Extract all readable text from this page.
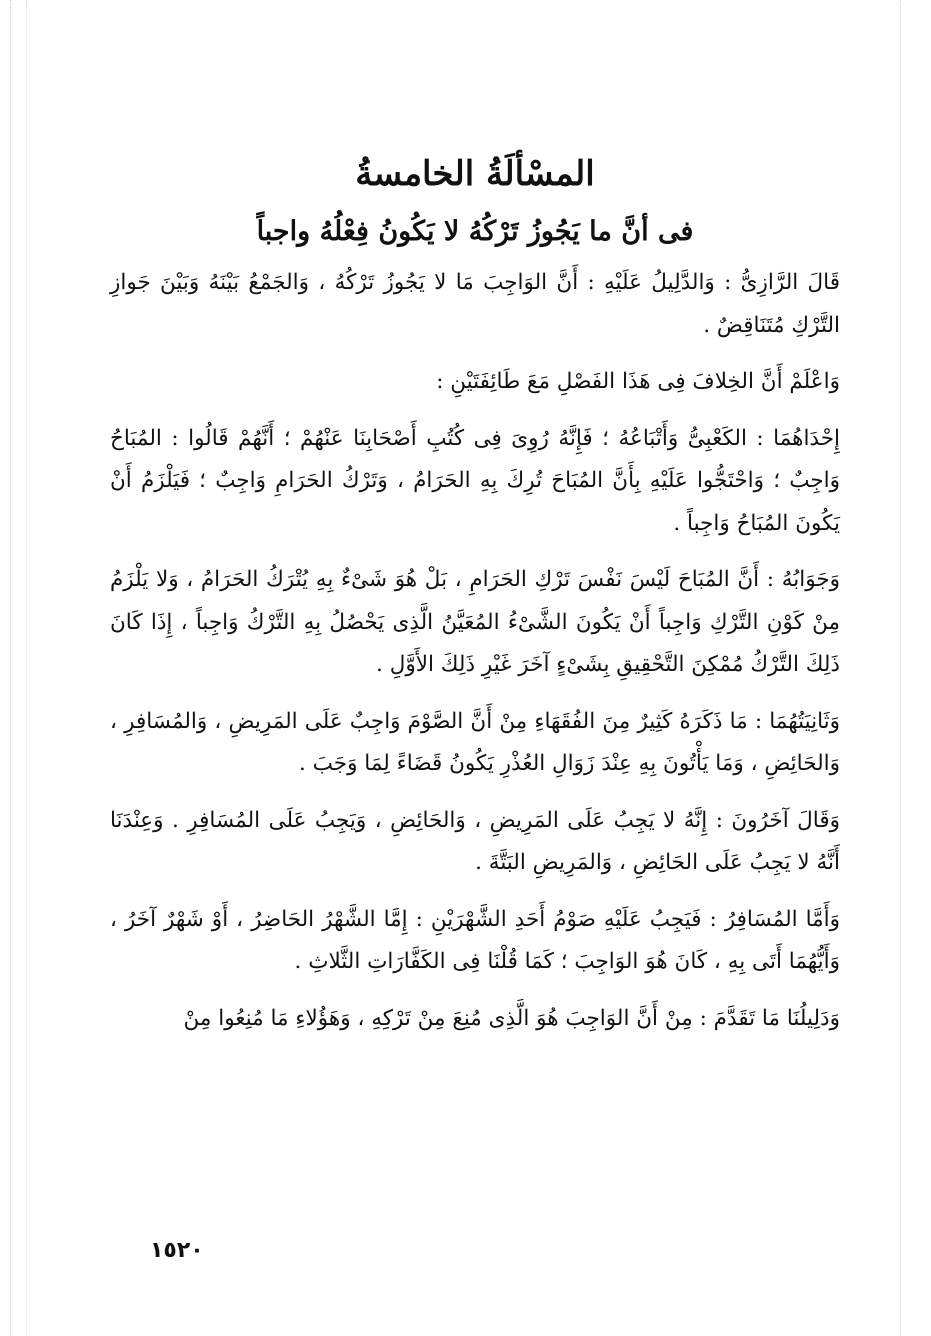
المسْألَةُ الخامسةُ
فى أنَّ ما يَجُوزُ تَرْكُهُ لا يَكُونُ فِعْلُهُ واجباً

قَالَ الرَّازِىُّ : وَالدَّلِيلُ عَلَيْهِ : أَنَّ الوَاجِبَ مَا لا يَجُوزُ تَرْكُهُ ، وَالجَمْعُ بَيْنَهُ وَبَيْنَ جَوازِ التَّرْكِ مُتَنَاقِضٌ .

وَاعْلَمْ أَنَّ الخِلافَ فِى هَذَا الفَصْلِ مَعَ طَائِفَتَيْنِ :

إِحْدَاهُمَا : الكَعْبِىُّ وَأَتْبَاعُهُ ؛ فَإِنَّهُ رُوِىَ فِى كُتُبِ أَصْحَابِنَا عَنْهُمْ ؛ أَنَّهُمْ قَالُوا : المُبَاحُ وَاجِبٌ ؛ وَاحْتَجُّوا عَلَيْهِ بِأَنَّ المُبَاحَ تُرِكَ بِهِ الحَرَامُ ، وَتَرْكُ الحَرَامِ وَاجِبٌ ؛ فَيَلْزَمُ أَنْ يَكُونَ المُبَاحُ وَاجِباً .

وَجَوَابُهُ : أَنَّ المُبَاحَ لَيْسَ نَفْسَ تَرْكِ الحَرَامِ ، بَلْ هُوَ شَىْءٌ بِهِ يُتْرَكُ الحَرَامُ ، وَلا يَلْزَمُ مِنْ كَوْنِ التَّرْكِ وَاجِباً أَنْ يَكُونَ الشَّىْءُ المُعَيَّنُ الَّذِى يَحْصُلُ بِهِ التَّرْكُ وَاجِباً ، إِذَا كَانَ ذَلِكَ التَّرْكُ مُمْكِنَ التَّحْقِيقِ بِشَىْءٍ آخَرَ غَيْرِ ذَلِكَ الأَوَّلِ .

وَثَانِيَتُهُمَا : مَا ذَكَرَهُ كَثِيرٌ مِنَ الفُقَهَاءِ مِنْ أَنَّ الصَّوْمَ وَاجِبٌ عَلَى المَرِيضِ ، وَالمُسَافِرِ ، وَالحَائِضِ ، وَمَا يَأْتُونَ بِهِ عِنْدَ زَوَالِ العُذْرِ يَكُونُ قَضَاءً لِمَا وَجَبَ .

وَقَالَ آخَرُونَ : إِنَّهُ لا يَجِبُ عَلَى المَرِيضِ ، وَالحَائِضِ ، وَيَجِبُ عَلَى المُسَافِرِ . وَعِنْدَنَا أَنَّهُ لا يَجِبُ عَلَى الحَائِضِ ، وَالمَرِيضِ البَتَّةَ .

وَأَمَّا المُسَافِرُ : فَيَجِبُ عَلَيْهِ صَوْمُ أَحَدِ الشَّهْرَيْنِ : إِمَّا الشَّهْرُ الحَاضِرُ ، أَوْ شَهْرٌ آخَرُ ، وَأَيُّهُمَا أَتَى بِهِ ، كَانَ هُوَ الوَاجِبَ ؛ كَمَا قُلْنَا فِى الكَفَّارَاتِ الثَّلاثِ .

وَدَلِيلُنَا مَا تَقَدَّمَ : مِنْ أَنَّ الوَاجِبَ هُوَ الَّذِى مُنِعَ مِنْ تَرْكِهِ ، وَهَؤُلاءِ مَا مُنِعُوا مِنْ

١٥٢٠
